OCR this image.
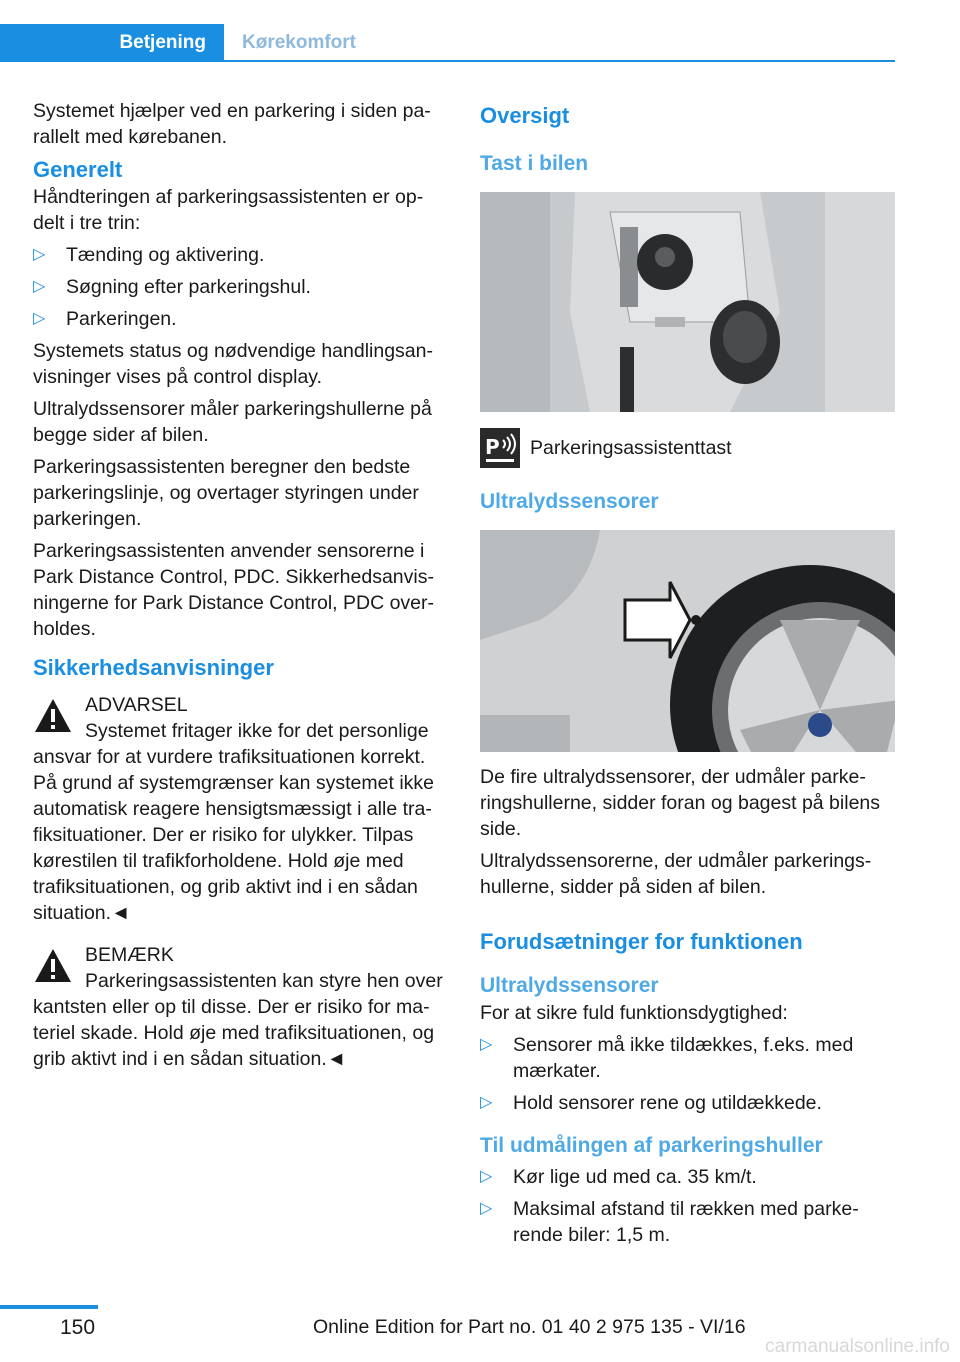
Betjening	Kørekomfort

Systemet hjælper ved en parkering i siden parallelt med kørebanen.

Generelt

Håndteringen af parkeringsassistenten er opdelt i tre trin:

▷ Tænding og aktivering.
▷ Søgning efter parkeringshul.
▷ Parkeringen.

Systemets status og nødvendige handlingsanvisninger vises på control display.

Ultralydssensorer måler parkeringshullerne på begge sider af bilen.

Parkeringsassistenten beregner den bedste parkeringslinje, og overtager styringen under parkeringen.

Parkeringsassistenten anvender sensorerne i Park Distance Control, PDC. Sikkerhedsanvisningerne for Park Distance Control, PDC overholdes.

Sikkerhedsanvisninger
ADVARSEL
Systemet fritager ikke for det personlige
ansvar for at vurdere trafiksituationen korrekt. På grund af systemgrænser kan systemet ikke automatisk reagere hensigtsmæssigt i alle trafiksituationer. Der er risiko for ulykker. Tilpas kørestilen til trafikforholdene. Hold øje med trafiksituationen, og grib aktivt ind i en sådan situation.◄
BEMÆRK
Parkeringsassistenten kan styre hen over
kantsten eller op til disse. Der er risiko for materiel skade. Hold øje med trafiksituationen, og grib aktivt ind i en sådan situation.◄
Oversigt
Tast i bilen
P Parkeringsassistenttast
Ultralydssensorer

De fire ultralydssensorer, der udmåler parkeringshullerne, sidder foran og bagest på bilens side.

Ultralydssensorerne, der udmåler parkeringshullerne, sidder på siden af bilen.

Forudsætninger for funktionen
Ultralydssensorer

For at sikre fuld funktionsdygtighed:

▷ Sensorer må ikke tildækkes, f.eks. med mærkater.
▷ Hold sensorer rene og utildækkede.
Til udmålingen af parkeringshuller
▷ Kør lige ud med ca. 35 km/t.
▷ Maksimal afstand til rækken med parkerende biler: 1,5 m.
150	Online Edition for Part no. 01 40 2 975 135 - VI/16
carmanualsonline.info
